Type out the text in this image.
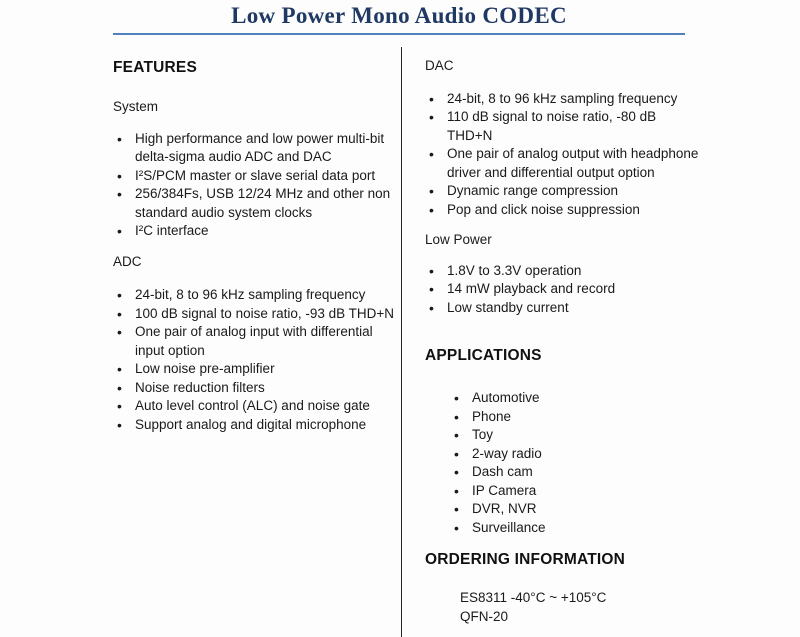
Low Power Mono Audio CODEC
FEATURES

System

• High performance and low power multi-bit delta-sigma audio ADC and DAC
• I²S/PCM master or slave serial data port
• 256/384Fs, USB 12/24 MHz and other non standard audio system clocks
• I²C interface

ADC

• 24-bit, 8 to 96 kHz sampling frequency
• 100 dB signal to noise ratio, -93 dB THD+N
• One pair of analog input with differential input option
• Low noise pre-amplifier
• Noise reduction filters
• Auto level control (ALC) and noise gate
• Support analog and digital microphone

DAC

• 24-bit, 8 to 96 kHz sampling frequency
• 110 dB signal to noise ratio, -80 dB THD+N
• One pair of analog output with headphone driver and differential output option
• Dynamic range compression
• Pop and click noise suppression

Low Power

• 1.8V to 3.3V operation
• 14 mW playback and record
• Low standby current
APPLICATIONS
• Automotive
• Phone
• Toy
• 2-way radio
• Dash cam
• IP Camera
• DVR, NVR
• Surveillance
ORDERING INFORMATION

ES8311 -40°C ~ +105°C

QFN-20
